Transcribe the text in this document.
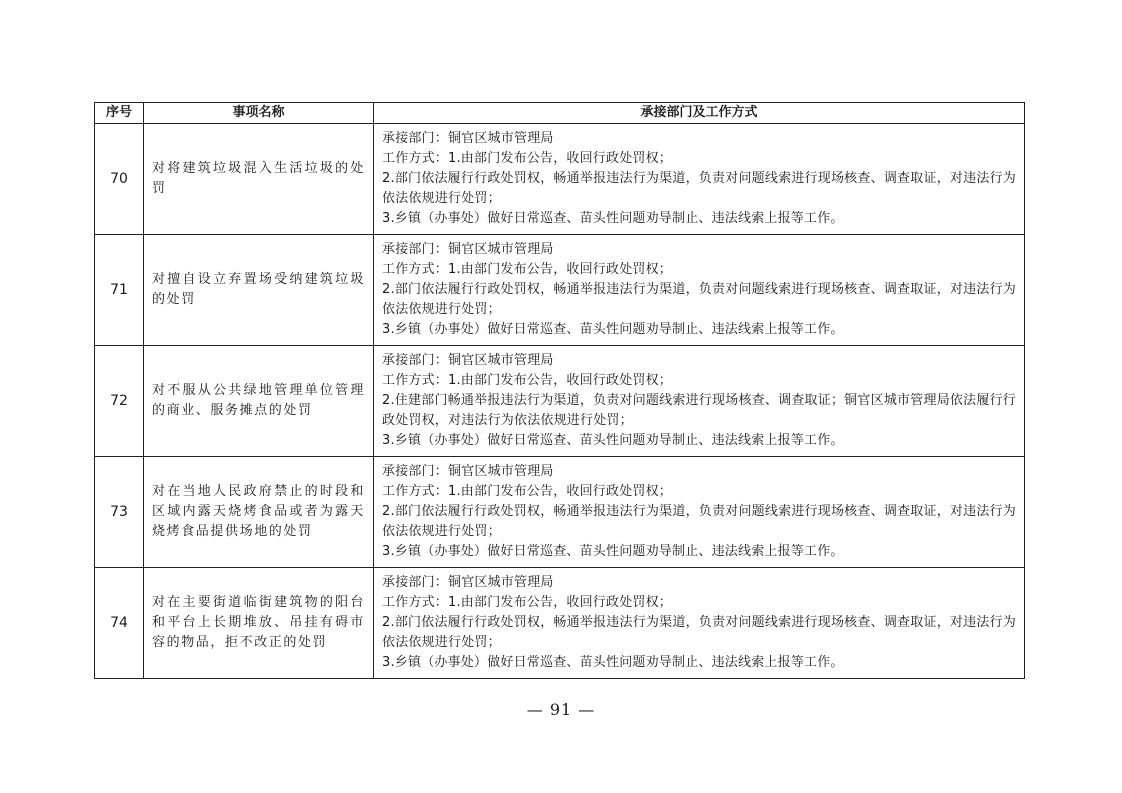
序号	事项名称	承接部门及工作方式
70	对将建筑垃圾混入生活垃圾的处罚	承接部门：铜官区城市管理局
工作方式：1.由部门发布公告，收回行政处罚权；
2.部门依法履行行政处罚权，畅通举报违法行为渠道，负责对问题线索进行现场核查、调查取证，对违法行为依法依规进行处罚；
3.乡镇（办事处）做好日常巡查、苗头性问题劝导制止、违法线索上报等工作。

71	对擅自设立弃置场受纳建筑垃圾的处罚	承接部门：铜官区城市管理局
工作方式：1.由部门发布公告，收回行政处罚权；
2.部门依法履行行政处罚权，畅通举报违法行为渠道，负责对问题线索进行现场核查、调查取证，对违法行为依法依规进行处罚；
3.乡镇（办事处）做好日常巡查、苗头性问题劝导制止、违法线索上报等工作。

72	对不服从公共绿地管理单位管理的商业、服务摊点的处罚	承接部门：铜官区城市管理局
工作方式：1.由部门发布公告，收回行政处罚权；
2.住建部门畅通举报违法行为渠道，负责对问题线索进行现场核查、调查取证；铜官区城市管理局依法履行行政处罚权，对违法行为依法依规进行处罚；
3.乡镇（办事处）做好日常巡查、苗头性问题劝导制止、违法线索上报等工作。

73	对在当地人民政府禁止的时段和区域内露天烧烤食品或者为露天烧烤食品提供场地的处罚	承接部门：铜官区城市管理局
工作方式：1.由部门发布公告，收回行政处罚权；
2.部门依法履行行政处罚权，畅通举报违法行为渠道，负责对问题线索进行现场核查、调查取证，对违法行为依法依规进行处罚；
3.乡镇（办事处）做好日常巡查、苗头性问题劝导制止、违法线索上报等工作。

74	对在主要街道临街建筑物的阳台和平台上长期堆放、吊挂有碍市容的物品，拒不改正的处罚	承接部门：铜官区城市管理局
工作方式：1.由部门发布公告，收回行政处罚权；
2.部门依法履行行政处罚权，畅通举报违法行为渠道，负责对问题线索进行现场核查、调查取证，对违法行为依法依规进行处罚；
3.乡镇（办事处）做好日常巡查、苗头性问题劝导制止、违法线索上报等工作。
— 91 —
